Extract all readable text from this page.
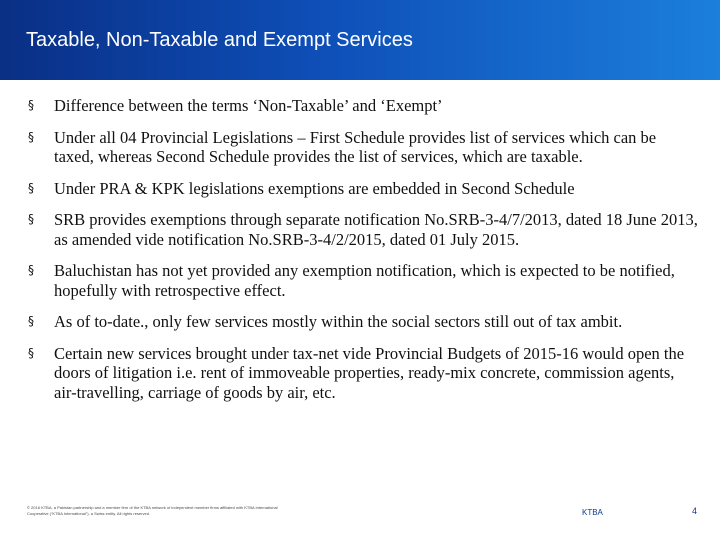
Taxable, Non-Taxable and Exempt Services
§ Difference between the terms ‘Non-Taxable’ and ‘Exempt’
§ Under all 04 Provincial Legislations – First Schedule provides list of services which can be taxed, whereas Second Schedule provides the list of services, which are taxable.
§ Under PRA & KPK legislations exemptions are embedded in Second Schedule
§ SRB provides exemptions through separate notification No.SRB-3-4/7/2013, dated 18 June 2013, as amended vide notification No.SRB-3-4/2/2015, dated 01 July 2015.
§ Baluchistan has not yet provided any exemption notification, which is expected to be notified, hopefully with retrospective effect.
§ As of to-date., only few services mostly within the social sectors still out of tax ambit.
§ Certain new services brought under tax-net vide Provincial Budgets of 2015-16 would open the doors of litigation i.e. rent of immoveable properties, ready-mix concrete, commission agents, air-travelling, carriage of goods by air, etc.
© 2016 KTBA, a Pakistan partnership and a member firm of the KTBA network of independent member firms affiliated with KTBA International Cooperative ("KTBA International"), a Swiss entity. All rights reserved.	KTBA	4
